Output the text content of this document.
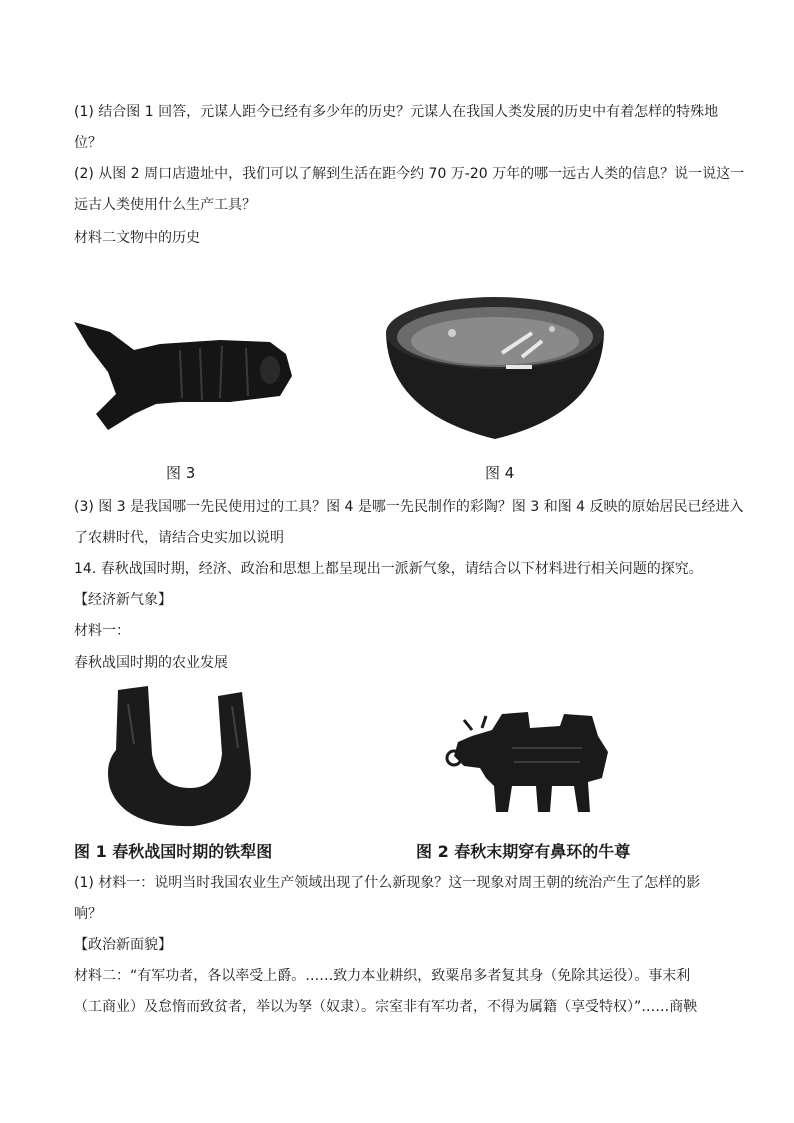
(1) 结合图 1 回答，元谋人距今已经有多少年的历史？元谋人在我国人类发展的历史中有着怎样的特殊地
位？
(2) 从图 2 周口店遗址中，我们可以了解到生活在距今约 70 万-20 万年的哪一远古人类的信息？说一说这一
远古人类使用什么生产工具？
材料二文物中的历史
图 3	图 4
(3) 图 3 是我国哪一先民使用过的工具？图 4 是哪一先民制作的彩陶？图 3 和图 4 反映的原始居民已经进入
了农耕时代，请结合史实加以说明
14. 春秋战国时期，经济、政治和思想上都呈现出一派新气象，请结合以下材料进行相关问题的探究。
【经济新气象】
材料一：
春秋战国时期的农业发展
图 1 春秋战国时期的铁犁图	图 2 春秋末期穿有鼻环的牛尊
(1) 材料一：说明当时我国农业生产领域出现了什么新现象？这一现象对周王朝的统治产生了怎样的影
响？
【政治新面貌】
材料二：“有军功者，各以率受上爵。……致力本业耕织，致粟帛多者复其身（免除其运役）。事末利
（工商业）及怠惰而致贫者，举以为孥（奴隶）。宗室非有军功者，不得为属籍（享受特权）”……商鞅
